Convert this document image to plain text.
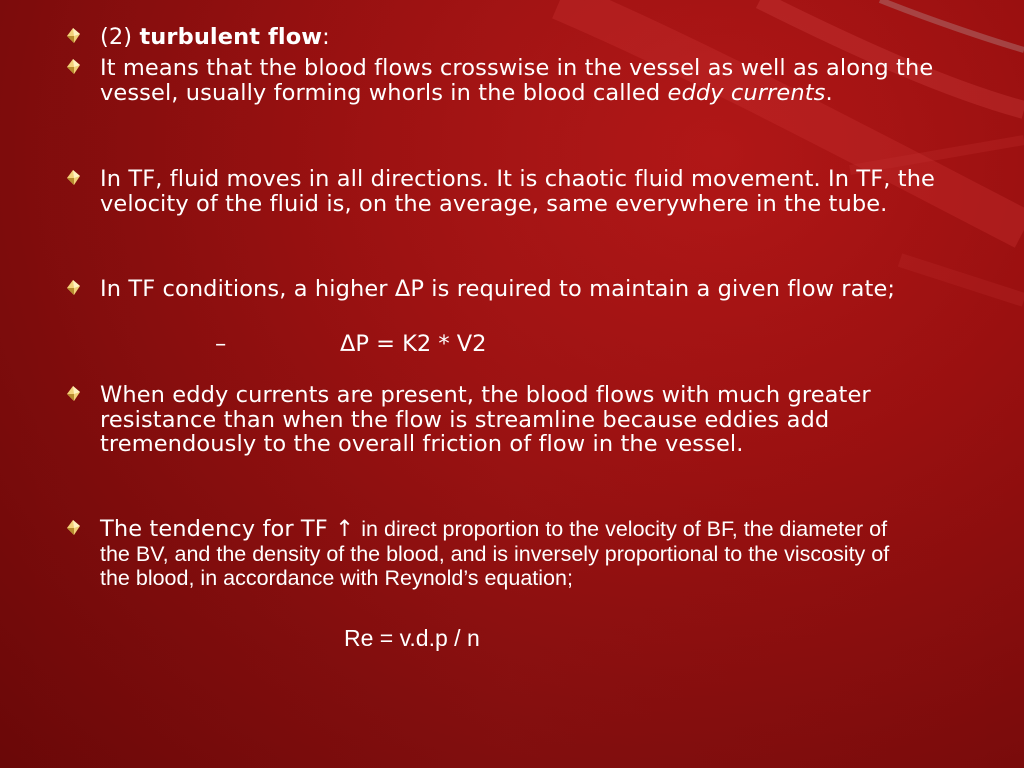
(2) turbulent flow:
It means that the blood flows crosswise in the vessel as well as along the vessel, usually forming whorls in the blood called eddy currents.
In TF, fluid moves in all directions. It is chaotic fluid movement. In TF, the velocity of the fluid is, on the average, same everywhere in the tube.
In TF conditions, a higher ΔP is required to maintain a given flow rate;
–	ΔP = K2 * V2
When eddy currents are present, the blood flows with much greater resistance than when the flow is streamline because eddies add tremendously to the overall friction of flow in the vessel.
The tendency for TF ↑ in direct proportion to the velocity of BF, the diameter of the BV, and the density of the blood, and is inversely proportional to the viscosity of the blood, in accordance with Reynold’s equation;
Re = v.d.p / n
